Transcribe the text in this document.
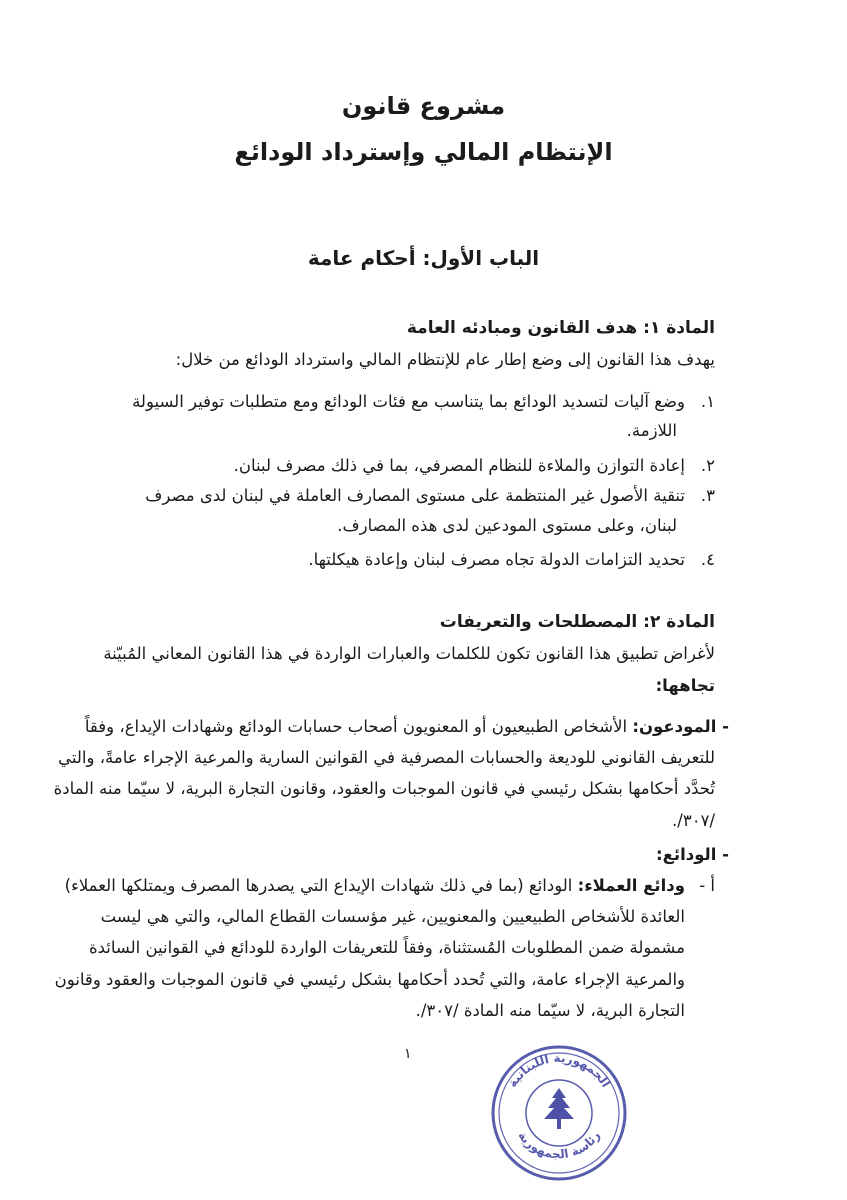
مشروع قانون
الإنتظام المالي وإسترداد الودائع
الباب الأول: أحكام عامة
المادة ١: هدف القانون ومبادئه العامة
يهدف هذا القانون إلى وضع إطار عام للإنتظام المالي واسترداد الودائع من خلال:
١.وضع آليات لتسديد الودائع بما يتناسب مع فئات الودائع ومع متطلبات توفير السيولة
اللازمة.
٢.إعادة التوازن والملاءة للنظام المصرفي، بما في ذلك مصرف لبنان.
٣.تنقية الأصول غير المنتظمة على مستوى المصارف العاملة في لبنان لدى مصرف
لبنان، وعلى مستوى المودعين لدى هذه المصارف.
٤.تحديد التزامات الدولة تجاه مصرف لبنان وإعادة هيكلتها.
المادة ٢: المصطلحات والتعريفات
لأغراض تطبيق هذا القانون تكون للكلمات والعبارات الواردة في هذا القانون المعاني المُبيّنة
تجاهها:
- المودعون: الأشخاص الطبيعيون أو المعنويون أصحاب حسابات الودائع وشهادات الإيداع، وفقاً
للتعريف القانوني للوديعة والحسابات المصرفية في القوانين السارية والمرعية الإجراء عامةً، والتي
تُحدَّد أحكامها بشكل رئيسي في قانون الموجبات والعقود، وقانون التجارة البرية، لا سيّما منه المادة
/٣٠٧/.
- الودائع:
أ -ودائع العملاء: الودائع (بما في ذلك شهادات الإيداع التي يصدرها المصرف ويمتلكها العملاء)
العائدة للأشخاص الطبيعيين والمعنويين، غير مؤسسات القطاع المالي، والتي هي ليست
مشمولة ضمن المطلوبات المُستثناة، وفقاً للتعريفات الواردة للودائع في القوانين السائدة
والمرعية الإجراء عامة، والتي تُحدد أحكامها بشكل رئيسي في قانون الموجبات والعقود وقانون
التجارة البرية، لا سيّما منه المادة /٣٠٧/.
١
الجمهورية اللبنانية
رئاسة الجمهورية
